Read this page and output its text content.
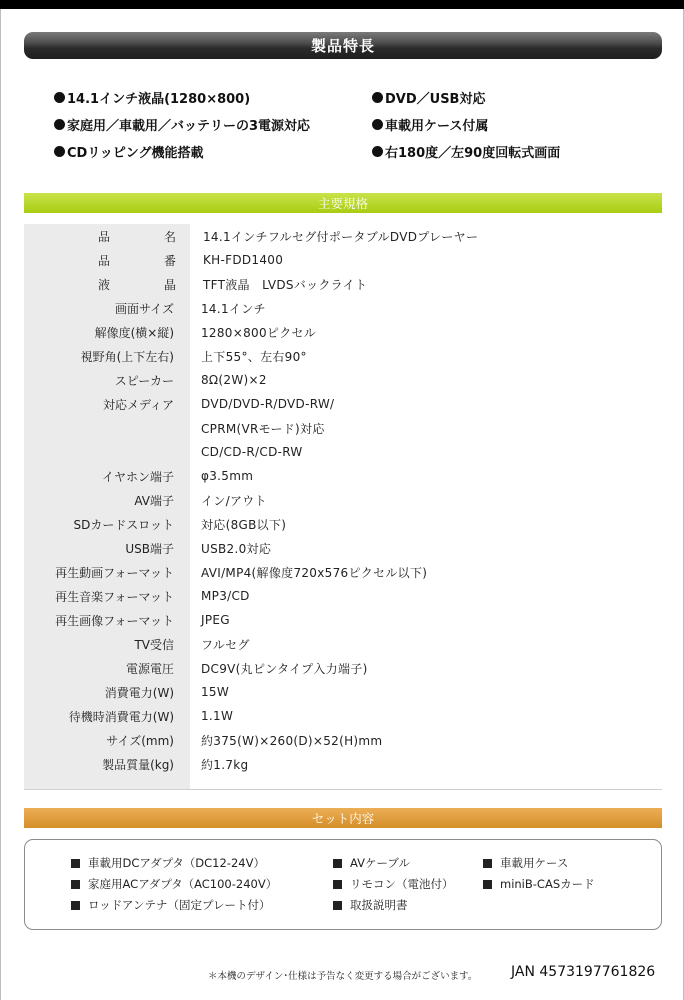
製品特長
14.1インチ液晶(1280×800)	DVD／USB対応
家庭用／車載用／バッテリーの3電源対応	車載用ケース付属
CDリッピング機能搭載	右180度／左90度回転式画面
主要規格
品	名 14.1インチフルセグ付ポータブルDVDプレーヤー
品	番 KH-FDD1400
液	晶 TFT液晶　LVDSバックライト
画面サイズ 14.1インチ
解像度(横×縦) 1280×800ピクセル
視野角(上下左右) 上下55°、左右90°
スピーカー 8Ω(2W)×2
対応メディア DVD/DVD-R/DVD-RW/
CPRM(VRモード)対応
CD/CD-R/CD-RW
イヤホン端子 φ3.5mm
AV端子 イン/アウト
SDカードスロット 対応(8GB以下)
USB端子 USB2.0対応
再生動画フォーマット AVI/MP4(解像度720x576ピクセル以下)
再生音楽フォーマット MP3/CD
再生画像フォーマット JPEG
TV受信 フルセグ
電源電圧 DC9V(丸ピンタイプ入力端子)
消費電力(W) 15W
待機時消費電力(W) 1.1W
サイズ(mm) 約375(W)×260(D)×52(H)mm
製品質量(kg) 約1.7kg
セット内容
車載用DCアダプタ（DC12-24V）	AVケーブル	車載用ケース
家庭用ACアダプタ（AC100-240V）	リモコン（電池付）	miniB-CASカード
ロッドアンテナ（固定プレート付）	取扱説明書
＊本機のデザイン･仕様は予告なく変更する場合がございます。 JAN 4573197761826
